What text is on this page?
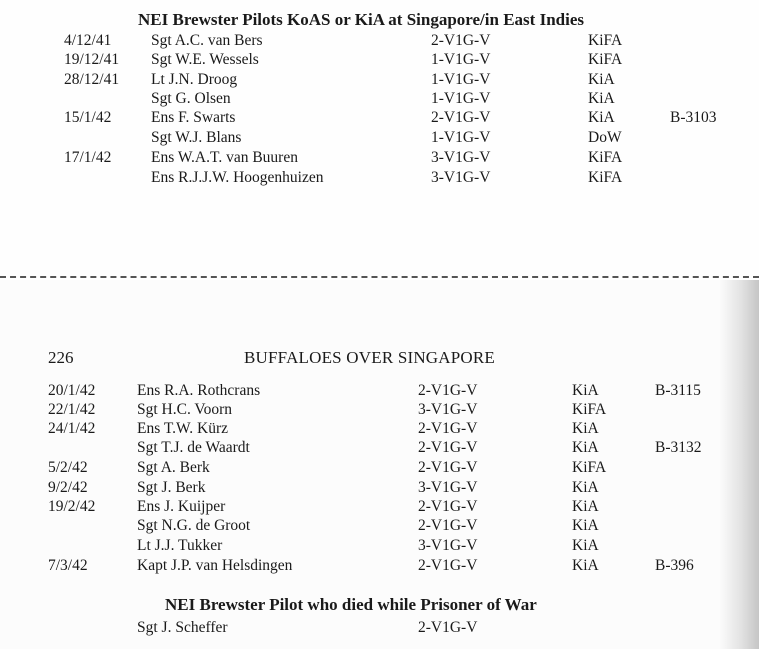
NEI Brewster Pilots KoAS or KiA at Singapore/in East Indies
4/12/41	Sgt A.C. van Bers	2-V1G-V	KiFA
19/12/41 Sgt W.E. Wessels	1-V1G-V	KiFA
28/12/41 Lt J.N. Droog	1-V1G-V	KiA
Sgt G. Olsen	1-V1G-V	KiA
15/1/42	Ens F. Swarts	2-V1G-V	KiA	B-3103
Sgt W.J. Blans	1-V1G-V	DoW
17/1/42	Ens W.A.T. van Buuren	3-V1G-V	KiFA
Ens R.J.J.W. Hoogenhuizen	3-V1G-V	KiFA
226	BUFFALOES OVER SINGAPORE
20/1/42	Ens R.A. Rothcrans	2-V1G-V	KiA	B-3115
22/1/42	Sgt H.C. Voorn	3-V1G-V	KiFA
24/1/42	Ens T.W. Kürz	2-V1G-V	KiA
Sgt T.J. de Waardt	2-V1G-V	KiA	B-3132
5/2/42	Sgt A. Berk	2-V1G-V	KiFA
9/2/42	Sgt J. Berk	3-V1G-V	KiA
19/2/42	Ens J. Kuijper	2-V1G-V	KiA
Sgt N.G. de Groot	2-V1G-V	KiA
Lt J.J. Tukker	3-V1G-V	KiA
7/3/42	Kapt J.P. van Helsdingen	2-V1G-V	KiA	B-396
NEI Brewster Pilot who died while Prisoner of War
Sgt J. Scheffer	2-V1G-V
